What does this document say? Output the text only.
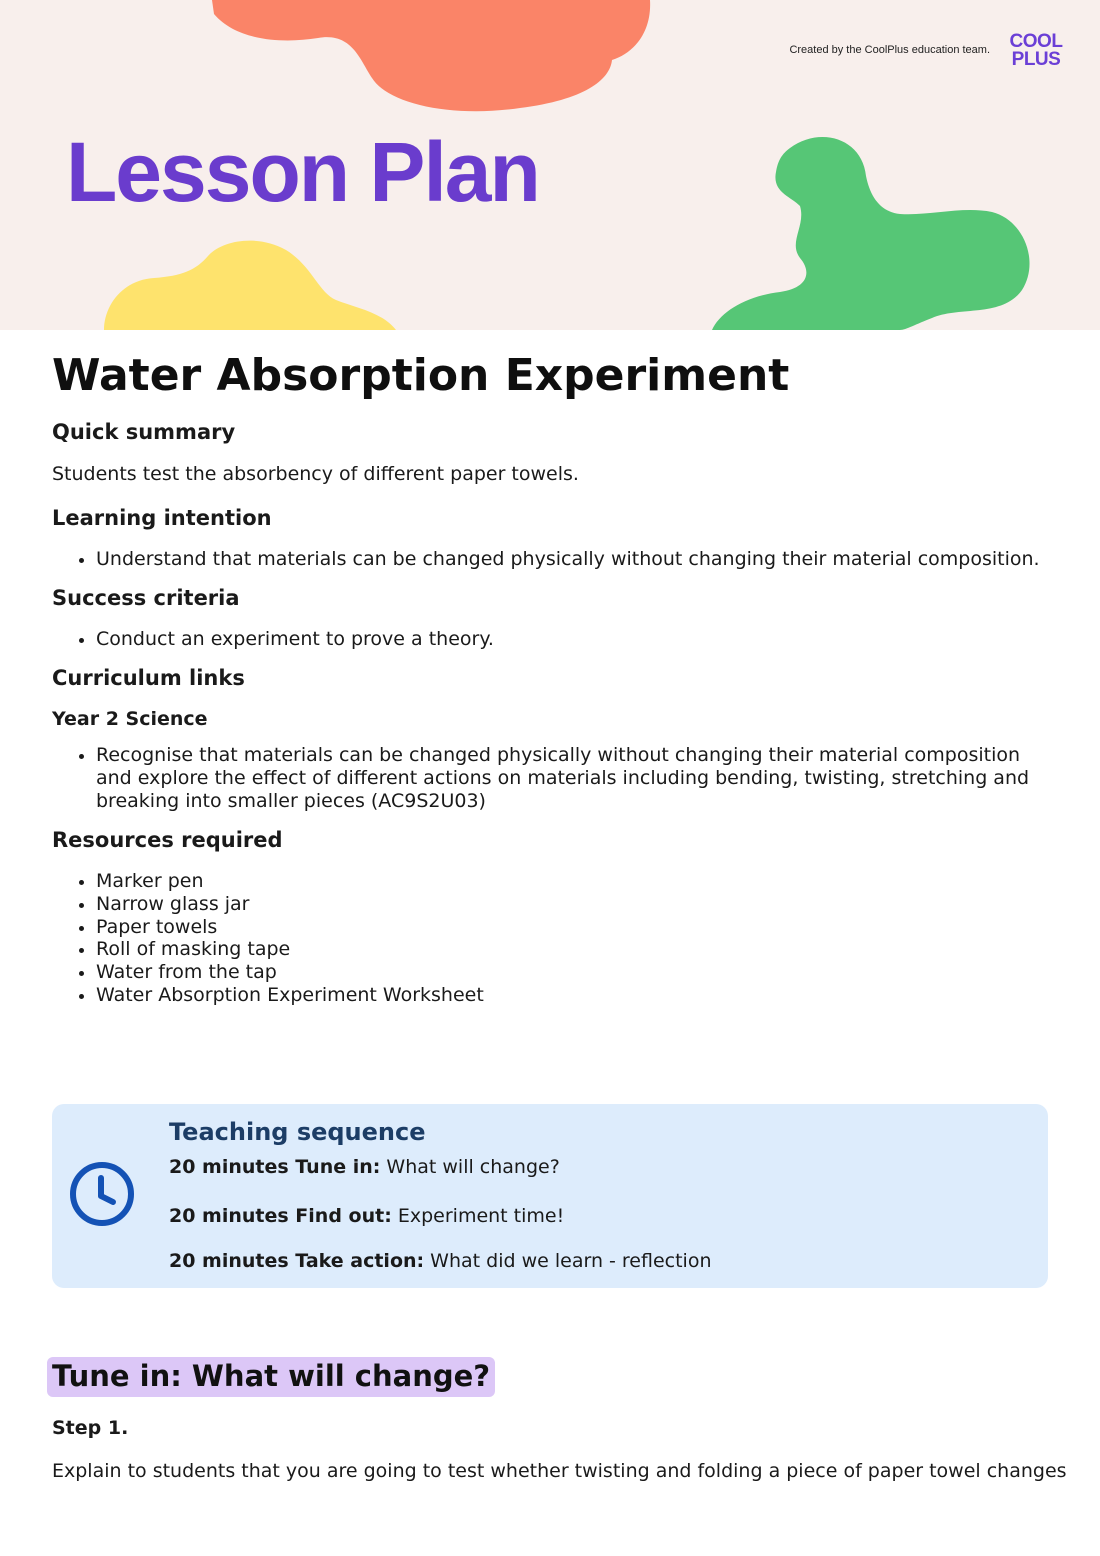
Created by the CoolPlus education team. COOL
PLUS
Lesson Plan
Water Absorption Experiment
Quick summary

Students test the absorbency of different paper towels.

Learning intention
• Understand that materials can be changed physically without changing their material composition.
Success criteria
• Conduct an experiment to prove a theory.
Curriculum links
Year 2 Science
• Recognise that materials can be changed physically without changing their material composition and explore the effect of different actions on materials including bending, twisting, stretching and breaking into smaller pieces (AC9S2U03)
Resources required
• Marker pen
• Narrow glass jar
• Paper towels
• Roll of masking tape
• Water from the tap
• Water Absorption Experiment Worksheet
Teaching sequence
20 minutes Tune in: What will change?
20 minutes Find out: Experiment time!
20 minutes Take action: What did we learn - reflection
Tune in: What will change?
Step 1.
Explain to students that you are going to test whether twisting and folding a piece of paper towel changes
